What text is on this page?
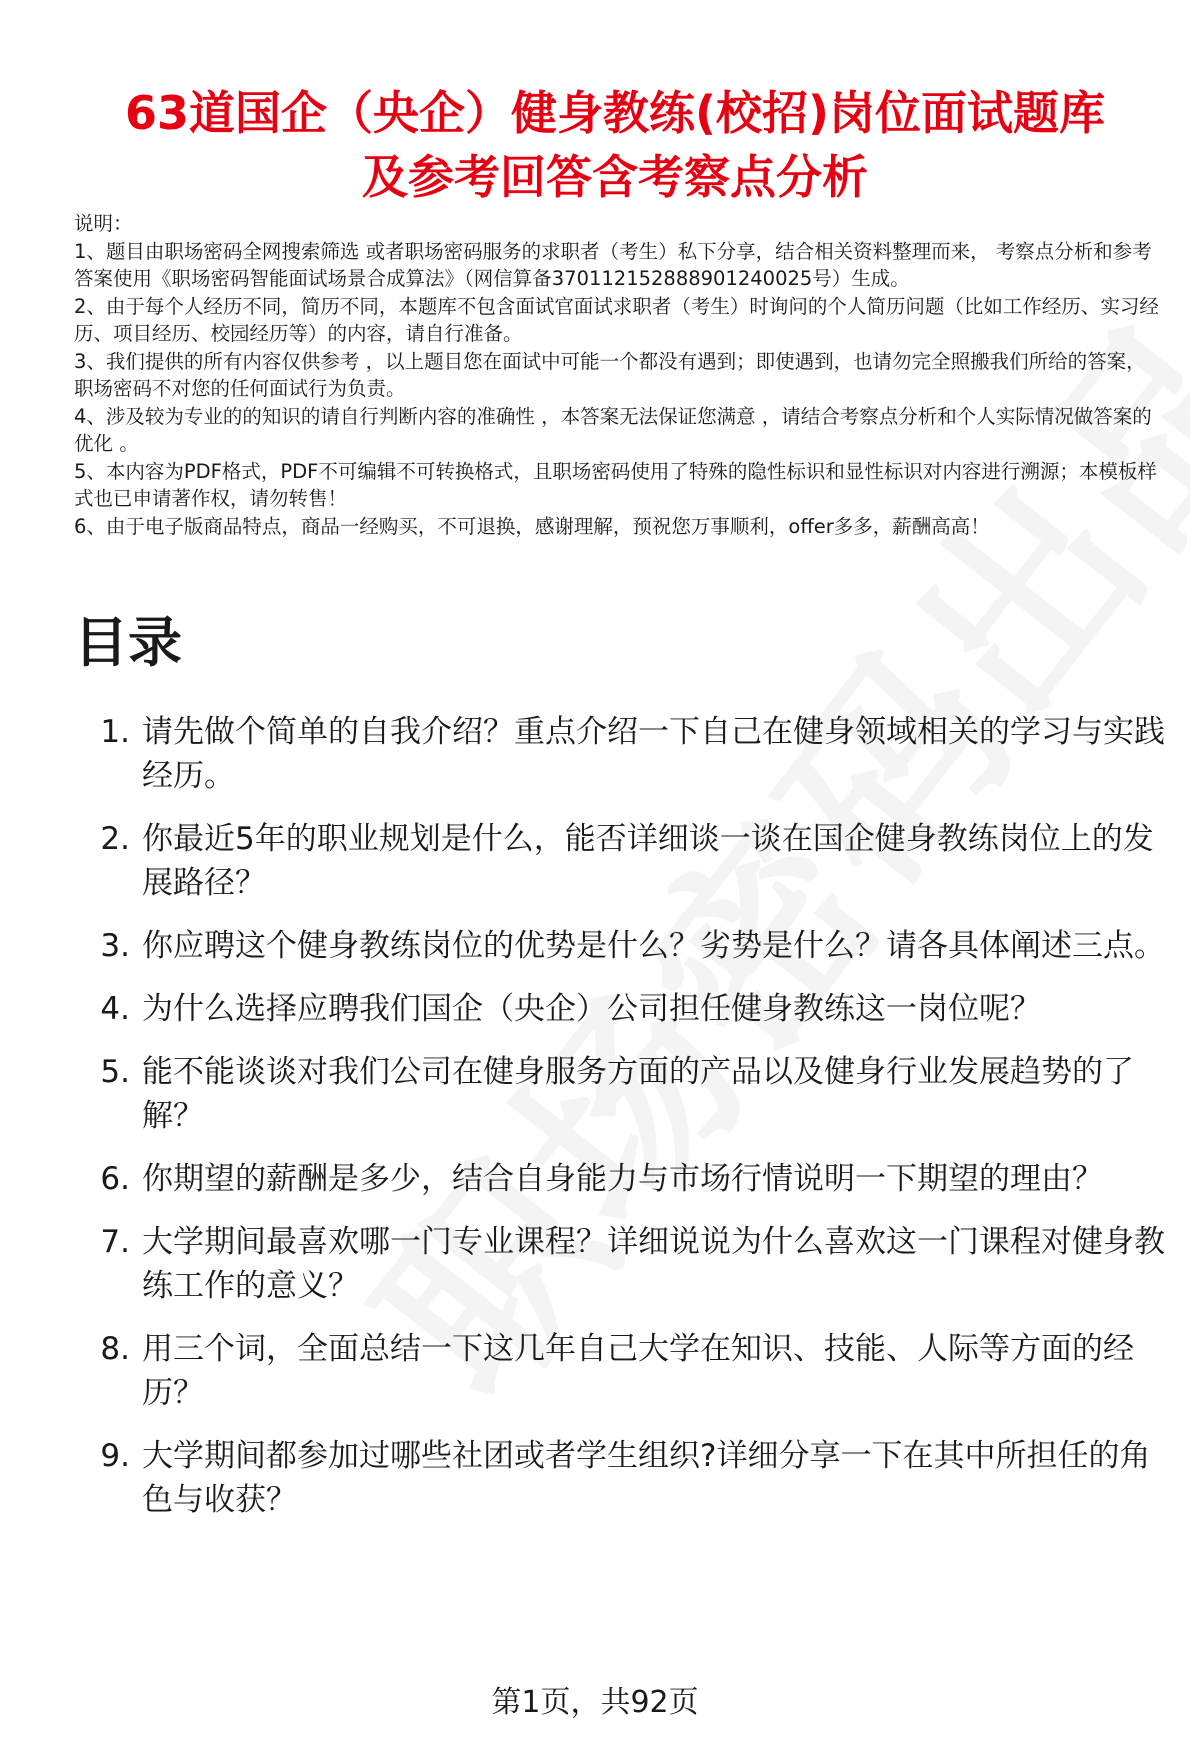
63道国企（央企）健身教练(校招)岗位面试题库
及参考回答含考察点分析

说明：

1、题目由职场密码全网搜索筛选 或者职场密码服务的求职者（考生）私下分享，结合相关资料整理而来， 考察点分析和参考答案使用《职场密码智能面试场景合成算法》（网信算备370112152888901240025号）生成。

2、由于每个人经历不同，简历不同，本题库不包含面试官面试求职者（考生）时询问的个人简历问题（比如工作经历、实习经历、项目经历、校园经历等）的内容，请自行准备。

3、我们提供的所有内容仅供参考 ，以上题目您在面试中可能一个都没有遇到；即使遇到，也请勿完全照搬我们所给的答案，职场密码不对您的任何面试行为负责。

4、涉及较为专业的的知识的请自行判断内容的准确性 ，本答案无法保证您满意 ，请结合考察点分析和个人实际情况做答案的优化 。

5、本内容为PDF格式，PDF不可编辑不可转换格式，且职场密码使用了特殊的隐性标识和显性标识对内容进行溯源；本模板样式也已申请著作权，请勿转售！

6、由于电子版商品特点，商品一经购买，不可退换，感谢理解，预祝您万事顺利，offer多多，薪酬高高！

目录
1. 请先做个简单的自我介绍？重点介绍一下自己在健身领域相关的学习与实践经历。
2. 你最近5年的职业规划是什么，能否详细谈一谈在国企健身教练岗位上的发展路径？
3. 你应聘这个健身教练岗位的优势是什么？劣势是什么？请各具体阐述三点。
4. 为什么选择应聘我们国企（央企）公司担任健身教练这一岗位呢？
5. 能不能谈谈对我们公司在健身服务方面的产品以及健身行业发展趋势的了解？
6. 你期望的薪酬是多少，结合自身能力与市场行情说明一下期望的理由？
7. 大学期间最喜欢哪一门专业课程？详细说说为什么喜欢这一门课程对健身教练工作的意义？
8. 用三个词，全面总结一下这几年自己大学在知识、技能、人际等方面的经历？
9. 大学期间都参加过哪些社团或者学生组织?详细分享一下在其中所担任的角色与收获？
第1页，共92页
